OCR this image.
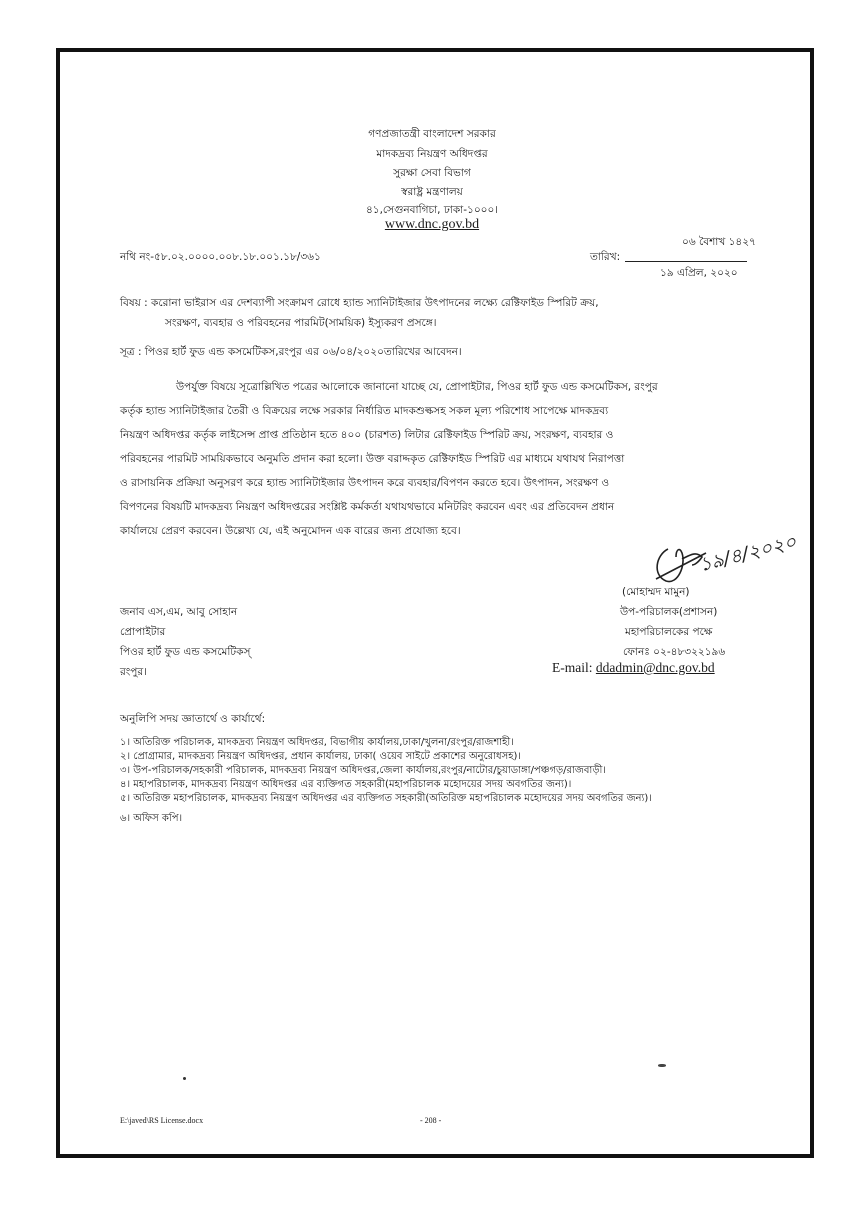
গণপ্রজাতন্ত্রী বাংলাদেশ সরকার
মাদকদ্রব্য নিয়ন্ত্রণ অধিদপ্তর
সুরক্ষা সেবা বিভাগ
স্বরাষ্ট্র মন্ত্রণালয়
৪১,সেগুনবাগিচা, ঢাকা-১০০০।
www.dnc.gov.bd
০৬ বৈশাখ ১৪২৭
নথি নং-৫৮.০২.০০০০.০০৮.১৮.০০১.১৮/৩৬১	তারিখ:
১৯ এপ্রিল, ২০২০
বিষয় : করোনা ভাইরাস এর দেশব্যাপী সংক্রামণ রোধে হ্যান্ড স্যানিটাইজার উৎপাদনের লক্ষ্যে রেক্টিফাইড স্পিরিট ক্রয়,
সংরক্ষণ, ব্যবহার ও পরিবহনের পারমিট(সাময়িক) ইস্যুকরণ প্রসঙ্গে।
সূত্র : পিওর হার্ট ফুড এন্ড কসমেটিকস,রংপুর এর ০৬/০৪/২০২০তারিখের আবেদন।
উপর্যুক্ত বিষয়ে সূত্রোল্লিখিত পত্রের আলোকে জানানো যাচ্ছে যে, প্রোপাইটার, পিওর হার্ট ফুড এন্ড কসমেটিকস, রংপুর
কর্তৃক হ্যান্ড স্যানিটাইজার তৈরী ও বিক্রয়ের লক্ষে সরকার নির্ধারিত মাদকশুল্কসহ সকল মূল্য পরিশোধ সাপেক্ষে মাদকদ্রব্য
নিয়ন্ত্রণ অধিদপ্তর কর্তৃক লাইসেন্স প্রাপ্ত প্রতিষ্ঠান হতে ৪০০ (চারশত) লিটার রেক্টিফাইড স্পিরিট ক্রয়, সংরক্ষণ, ব্যবহার ও
পরিবহনের পারমিট সাময়িকভাবে অনুমতি প্রদান করা হলো। উক্ত বরাদ্দকৃত রেক্টিফাইড স্পিরিট এর মাধ্যমে যথাযথ নিরাপত্তা
ও রাসায়নিক প্রক্রিয়া অনুসরণ করে হ্যান্ড স্যানিটাইজার উৎপাদন করে ব্যবহার/বিপণন করতে হবে। উৎপাদন, সংরক্ষণ ও
বিপণনের বিষয়টি মাদকদ্রব্য নিয়ন্ত্রণ অধিদপ্তরের সংশ্লিষ্ট কর্মকর্তা যথাযথভাবে মনিটরিং করবেন এবং এর প্রতিবেদন প্রধান
কার্যালয়ে প্রেরণ করবেন। উল্লেখ্য যে, এই অনুমোদন এক বারের জন্য প্রযোজ্য হবে।	১৯/৪/২০২০
(মোহাম্মদ মামুন)
উপ-পরিচালক(প্রশাসন)
মহাপরিচালকের পক্ষে
ফোনঃ ০২-৪৮৩২২১৯৬
E-mail: ddadmin@dnc.gov.bd
জনাব এস,এম, আবু সোহান
প্রোপাইটার
পিওর হার্ট ফুড এন্ড কসমেটিকস্
রংপুর।
অনুলিপি সদয় জ্ঞাতার্থে ও কার্যার্থে:
১। অতিরিক্ত পরিচালক, মাদকদ্রব্য নিয়ন্ত্রণ অধিদপ্তর, বিভাগীয় কার্যালয়,ঢাকা/খুলনা/রংপুর/রাজশাহী।
২। প্রোগ্রামার, মাদকদ্রব্য নিয়ন্ত্রণ অধিদপ্তর, প্রধান কার্যালয়, ঢাকা( ওয়েব সাইটে প্রকাশের অনুরোধসহ)।
৩। উপ-পরিচালক/সহকারী পরিচালক, মাদকদ্রব্য নিয়ন্ত্রণ অধিদপ্তর,জেলা কার্যালয়,রংপুর/নাটোর/চুয়াডাঙ্গা/পঞ্চগড়/রাজবাড়ী।
৪। মহাপরিচালক, মাদকদ্রব্য নিয়ন্ত্রণ অধিদপ্তর এর ব্যক্তিগত সহকারী(মহাপরিচালক মহোদয়ের সদয় অবগতির জন্য)।
৫। অতিরিক্ত মহাপরিচালক, মাদকদ্রব্য নিয়ন্ত্রণ অধিদপ্তর এর ব্যক্তিগত সহকারী(অতিরিক্ত মহাপরিচালক মহোদয়ের সদয় অবগতির জন্য)।
৬। অফিস কপি।
E:\javed\RS License.docx	- 208 -
